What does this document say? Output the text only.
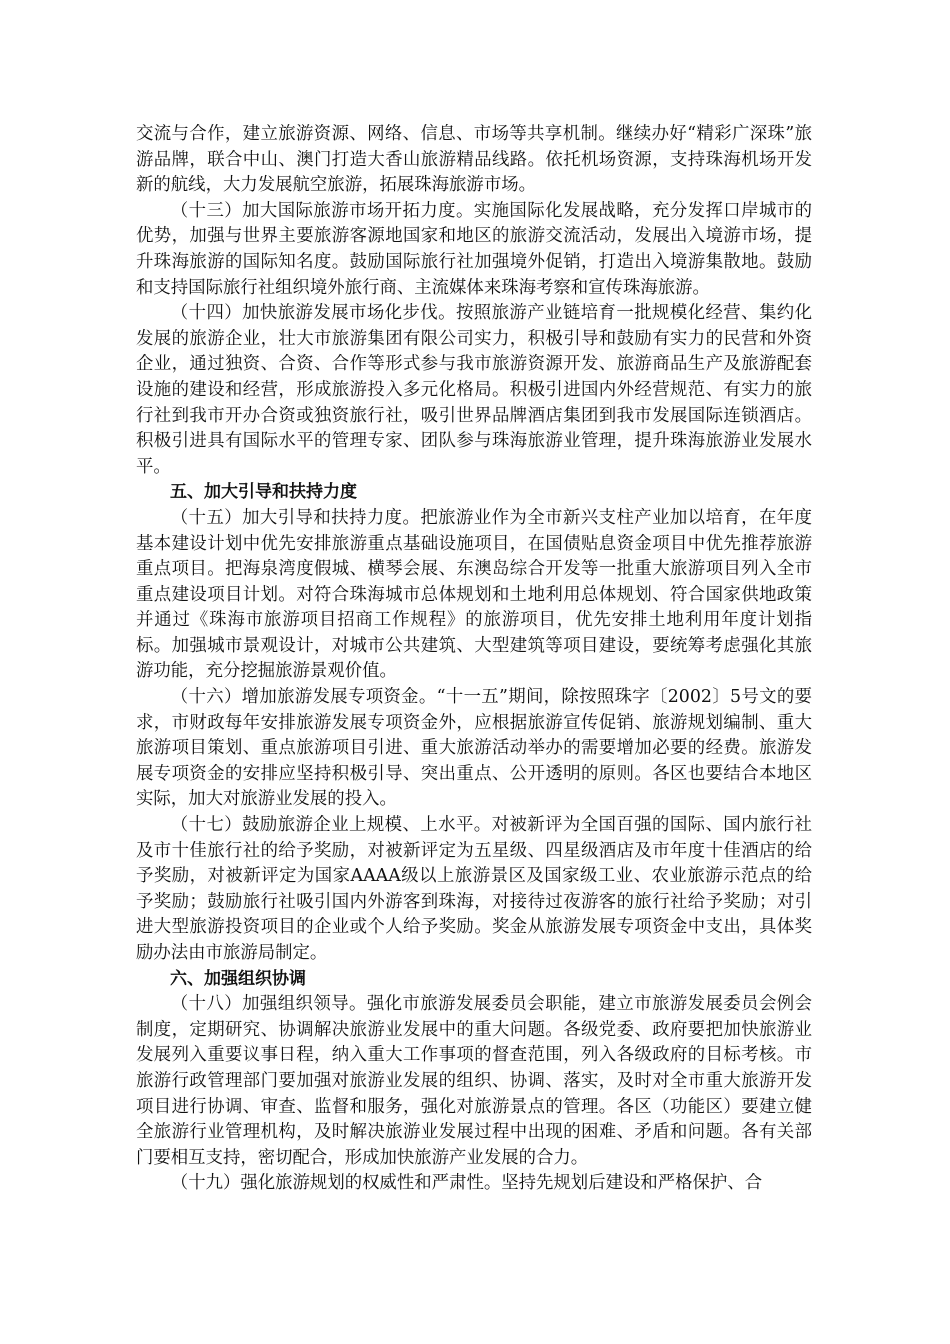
交流与合作，建立旅游资源、网络、信息、市场等共享机制。继续办好“精彩广深珠”旅游品牌，联合中山、澳门打造大香山旅游精品线路。依托机场资源，支持珠海机场开发新的航线，大力发展航空旅游，拓展珠海旅游市场。

（十三）加大国际旅游市场开拓力度。实施国际化发展战略，充分发挥口岸城市的优势，加强与世界主要旅游客源地国家和地区的旅游交流活动，发展出入境游市场，提升珠海旅游的国际知名度。鼓励国际旅行社加强境外促销，打造出入境游集散地。鼓励和支持国际旅行社组织境外旅行商、主流媒体来珠海考察和宣传珠海旅游。

（十四）加快旅游发展市场化步伐。按照旅游产业链培育一批规模化经营、集约化发展的旅游企业，壮大市旅游集团有限公司实力，积极引导和鼓励有实力的民营和外资企业，通过独资、合资、合作等形式参与我市旅游资源开发、旅游商品生产及旅游配套设施的建设和经营，形成旅游投入多元化格局。积极引进国内外经营规范、有实力的旅行社到我市开办合资或独资旅行社，吸引世界品牌酒店集团到我市发展国际连锁酒店。积极引进具有国际水平的管理专家、团队参与珠海旅游业管理，提升珠海旅游业发展水平。

五、加大引导和扶持力度

（十五）加大引导和扶持力度。把旅游业作为全市新兴支柱产业加以培育，在年度基本建设计划中优先安排旅游重点基础设施项目，在国债贴息资金项目中优先推荐旅游重点项目。把海泉湾度假城、横琴会展、东澳岛综合开发等一批重大旅游项目列入全市重点建设项目计划。对符合珠海城市总体规划和土地利用总体规划、符合国家供地政策并通过《珠海市旅游项目招商工作规程》的旅游项目，优先安排土地利用年度计划指标。加强城市景观设计，对城市公共建筑、大型建筑等项目建设，要统筹考虑强化其旅游功能，充分挖掘旅游景观价值。

（十六）增加旅游发展专项资金。“十一五”期间，除按照珠字〔2002〕5号文的要求，市财政每年安排旅游发展专项资金外，应根据旅游宣传促销、旅游规划编制、重大旅游项目策划、重点旅游项目引进、重大旅游活动举办的需要增加必要的经费。旅游发展专项资金的安排应坚持积极引导、突出重点、公开透明的原则。各区也要结合本地区实际，加大对旅游业发展的投入。

（十七）鼓励旅游企业上规模、上水平。对被新评为全国百强的国际、国内旅行社及市十佳旅行社的给予奖励，对被新评定为五星级、四星级酒店及市年度十佳酒店的给予奖励，对被新评定为国家AAAA级以上旅游景区及国家级工业、农业旅游示范点的给予奖励；鼓励旅行社吸引国内外游客到珠海，对接待过夜游客的旅行社给予奖励；对引进大型旅游投资项目的企业或个人给予奖励。奖金从旅游发展专项资金中支出，具体奖励办法由市旅游局制定。

六、加强组织协调

（十八）加强组织领导。强化市旅游发展委员会职能，建立市旅游发展委员会例会制度，定期研究、协调解决旅游业发展中的重大问题。各级党委、政府要把加快旅游业发展列入重要议事日程，纳入重大工作事项的督查范围，列入各级政府的目标考核。市旅游行政管理部门要加强对旅游业发展的组织、协调、落实，及时对全市重大旅游开发项目进行协调、审查、监督和服务，强化对旅游景点的管理。各区（功能区）要建立健全旅游行业管理机构，及时解决旅游业发展过程中出现的困难、矛盾和问题。各有关部门要相互支持，密切配合，形成加快旅游产业发展的合力。

（十九）强化旅游规划的权威性和严肃性。坚持先规划后建设和严格保护、合
